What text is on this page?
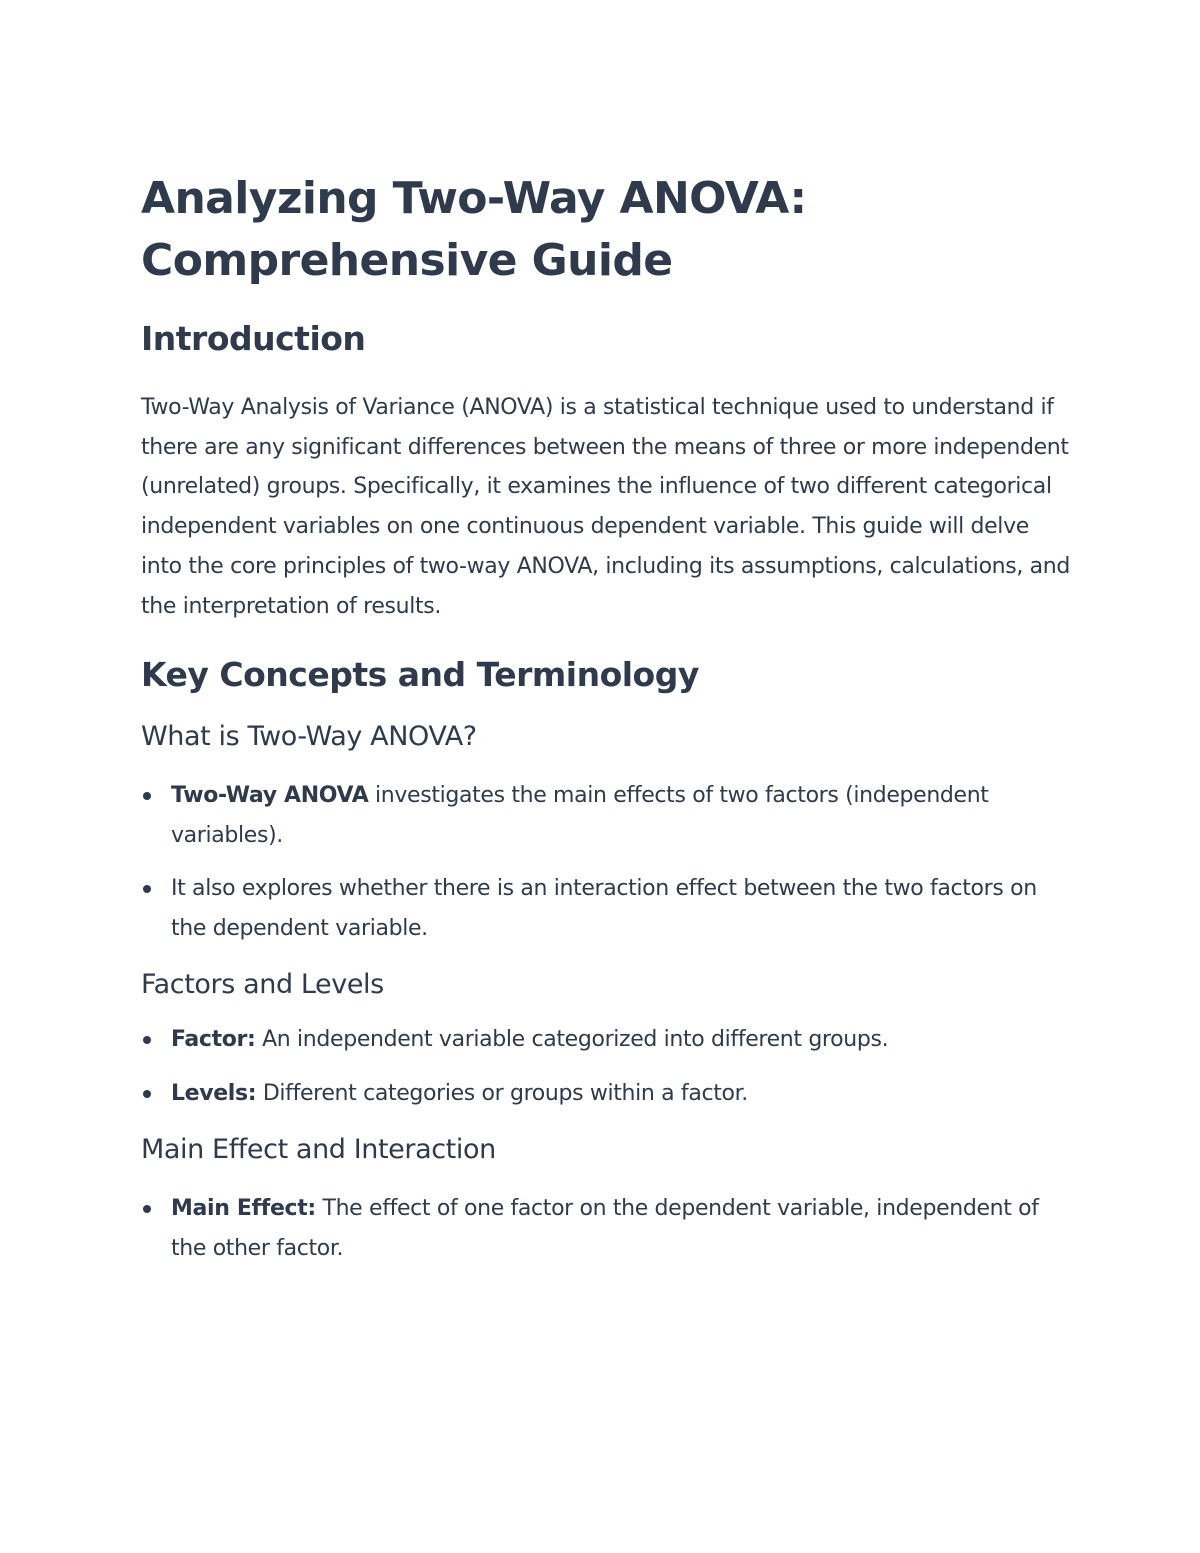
Analyzing Two-Way ANOVA:
Comprehensive Guide
Introduction

Two-Way Analysis of Variance (ANOVA) is a statistical technique used to understand if there are any significant differences between the means of three or more independent (unrelated) groups. Specifically, it examines the influence of two different categorical independent variables on one continuous dependent variable. This guide will delve into the core principles of two-way ANOVA, including its assumptions, calculations, and the interpretation of results.

Key Concepts and Terminology
What is Two-Way ANOVA?
Two-Way ANOVA investigates the main effects of two factors (independent variables).
It also explores whether there is an interaction effect between the two factors on the dependent variable.
Factors and Levels
Factor: An independent variable categorized into different groups.
Levels: Different categories or groups within a factor.
Main Effect and Interaction
Main Effect: The effect of one factor on the dependent variable, independent of the other factor.
